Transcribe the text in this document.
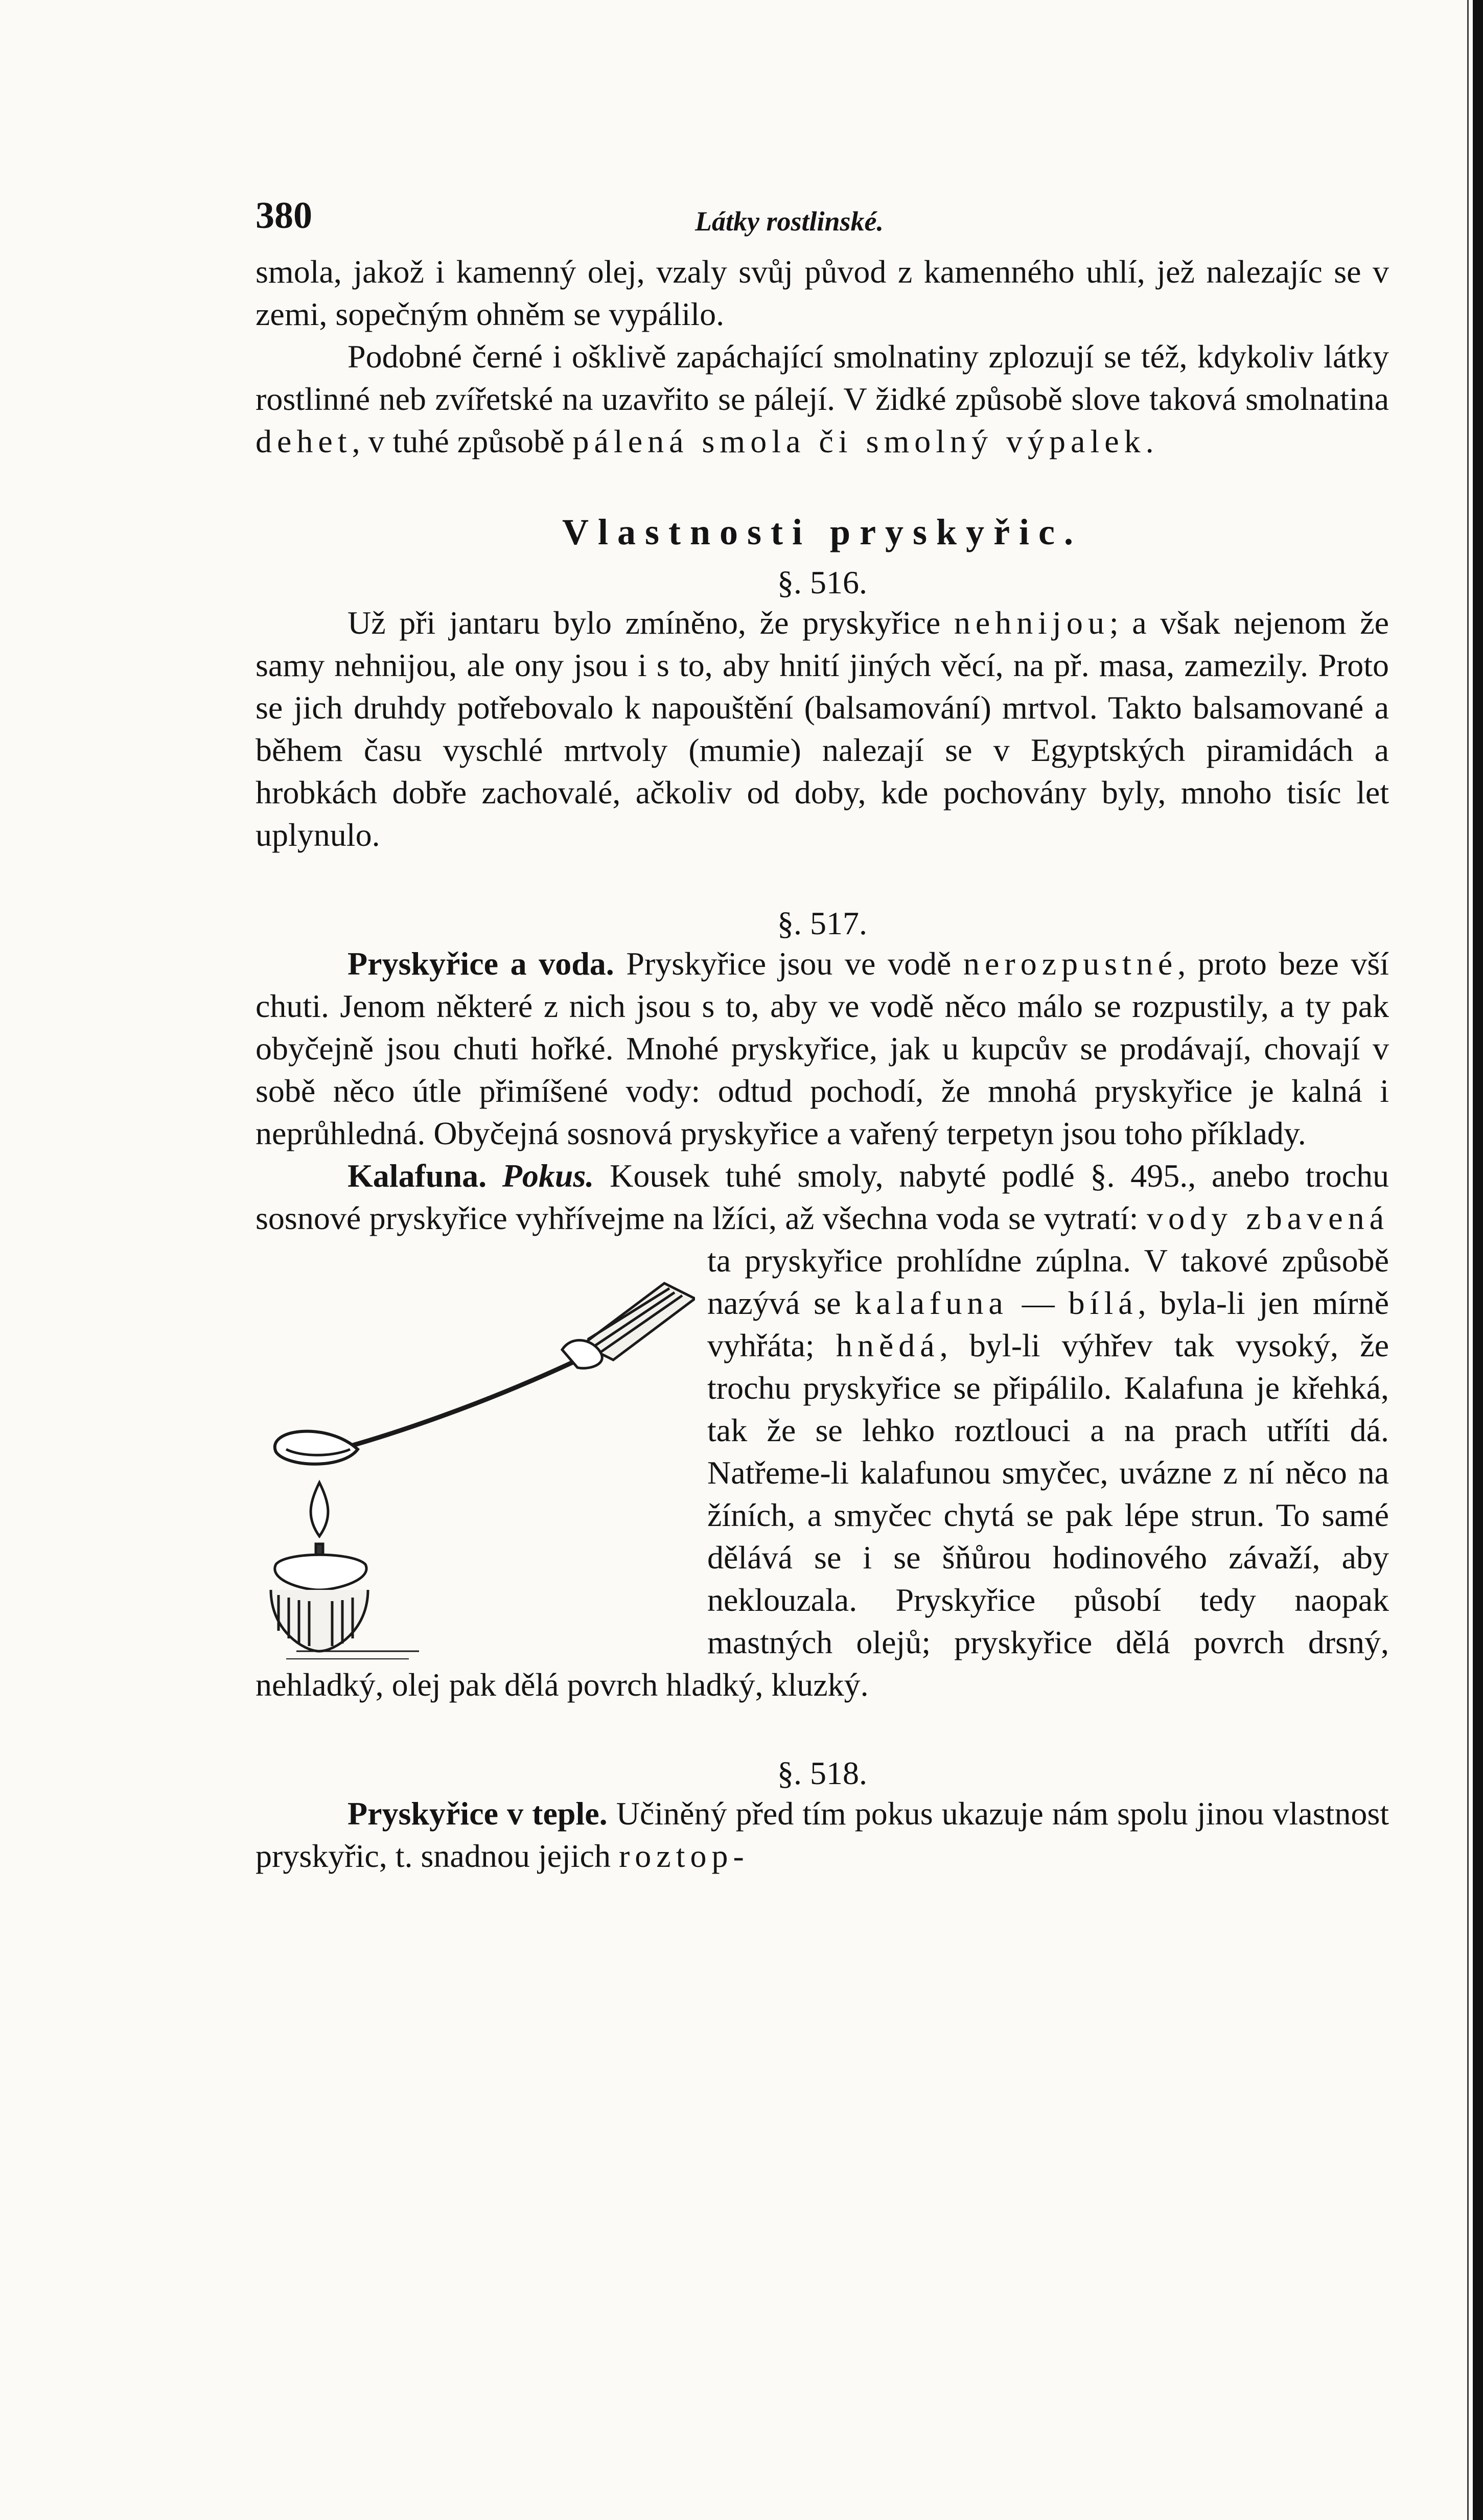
380	Látky rostlinské.

smola, jakož i kamenný olej, vzaly svůj původ z kamenného uhlí, jež nalezajíc se v zemi, sopečným ohněm se vypálilo.

Podobné černé i ošklivě zapáchající smolnatiny zplozují se též, kdykoliv látky rostlinné neb zvířetské na uzavřito se pálejí. V židké způsobě slove taková smolnatina dehet, v tuhé způsobě pálená smola či smolný výpalek.

Vlastnosti pryskyřic.
§. 516.

Už při jantaru bylo zmíněno, že pryskyřice nehnijou; a však nejenom že samy nehnijou, ale ony jsou i s to, aby hnití jiných věcí, na př. masa, zamezily. Proto se jich druhdy potřebovalo k napouštění (balsamování) mrtvol. Takto balsamované a během času vyschlé mrtvoly (mumie) nalezají se v Egyptských piramidách a hrobkách dobře zachovalé, ačkoliv od doby, kde pochovány byly, mnoho tisíc let uplynulo.

§. 517.

Pryskyřice a voda. Pryskyřice jsou ve vodě nerozpustné, proto beze vší chuti. Jenom některé z nich jsou s to, aby ve vodě něco málo se rozpustily, a ty pak obyčejně jsou chuti hořké. Mnohé pryskyřice, jak u kupcův se prodávají, chovají v sobě něco útle přimíšené vody: odtud pochodí, že mnohá pryskyřice je kalná i neprůhledná. Obyčejná sosnová pryskyřice a vařený terpetyn jsou toho příklady.

Kalafuna. Pokus. Kousek tuhé smoly, nabyté podlé §. 495., anebo trochu sosnové pryskyřice vyhřívejme na lžíci, až všechna voda se vytratí:
vody zbavená ta pryskyřice prohlídne zúplna. V takové způsobě nazývá se kalafuna — bílá, byla-li jen mírně vyhřáta; hnědá, byl-li výhřev tak vysoký, že trochu pryskyřice se připálilo. Kalafuna je křehká, tak že se lehko roztlouci a na prach utříti dá. Natřeme-li kalafunou smyčec, uvázne z ní něco na žíních, a smyčec chytá se pak lépe strun. To samé dělává se i se šňůrou hodinového závaží, aby neklouzala. Pryskyřice působí tedy naopak mastných olejů; pryskyřice dělá povrch drsný, nehladký, olej pak dělá povrch hladký, kluzký.

§. 518.

Pryskyřice v teple. Učiněný před tím pokus ukazuje nám spolu jinou vlastnost pryskyřic, t. snadnou jejich roztop-
